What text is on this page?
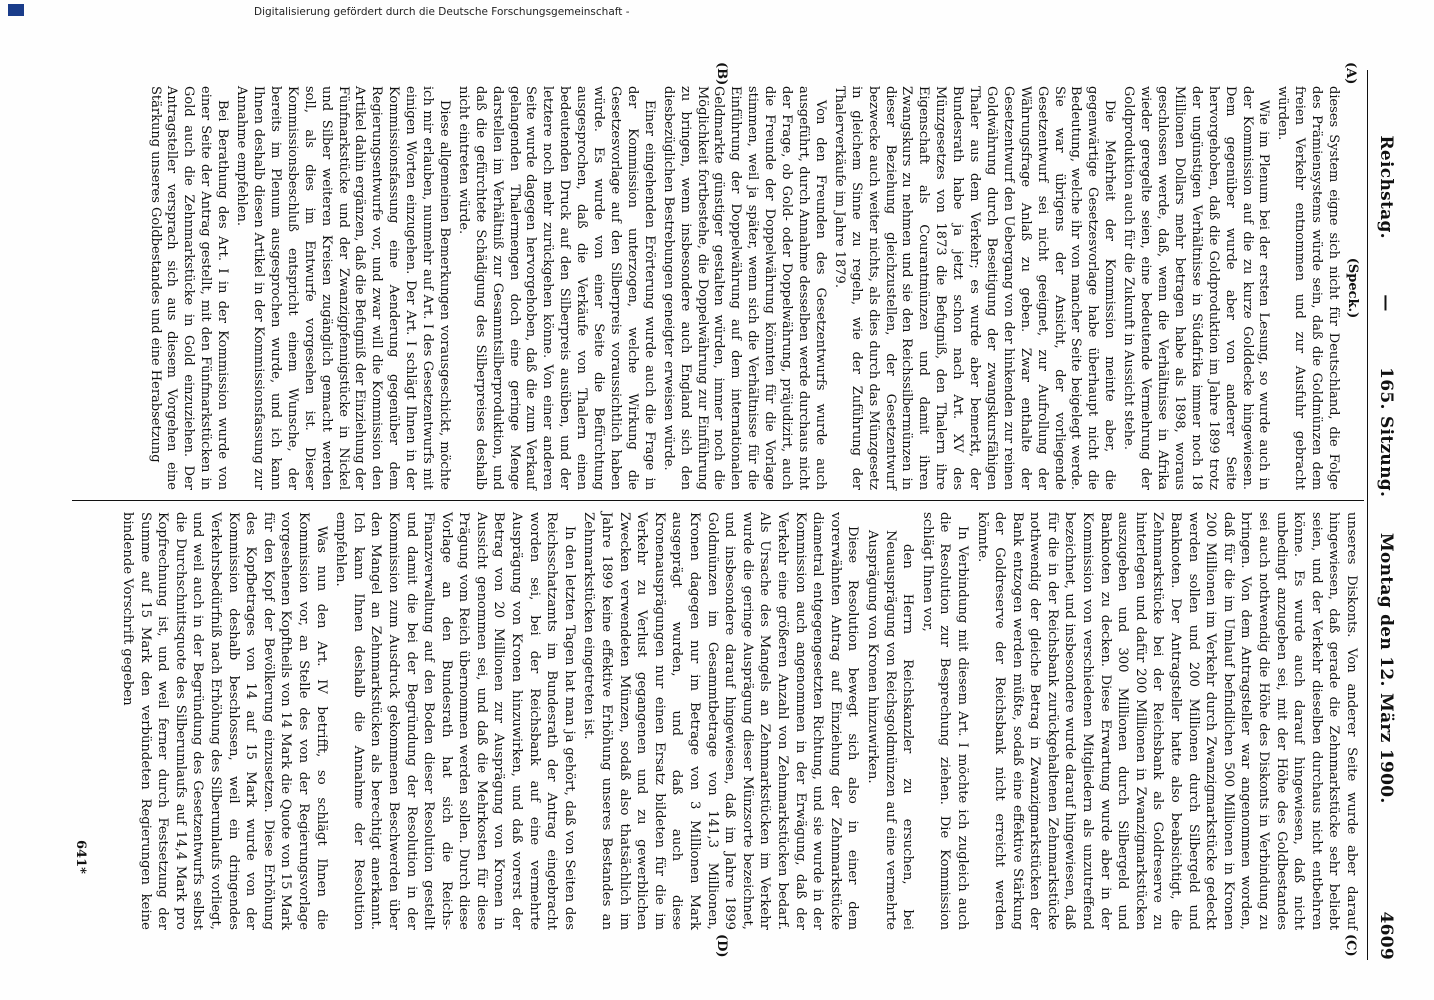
Reichstag.
—
165. Sitzung.
Montag den 12. März 1900.
4609
(A)
(B)
(C)
(D)

(Speck.)

dieses System eigne sich nicht für Deutschland, die Folge des Prämiensystems würde sein, daß die Goldmünzen dem freien Verkehr entnommen und zur Ausfuhr gebracht würden.

Wie im Plenum bei der ersten Lesung, so wurde auch in der Kommission auf die zu kurze Golddecke hingewiesen. Dem gegenüber wurde aber von anderer Seite hervorgehoben, daß die Goldproduktion im Jahre 1899 trotz der ungünstigen Verhältnisse in Südafrika immer noch 18 Millionen Dollars mehr betragen habe als 1898, woraus geschlossen werde, daß, wenn die Verhältnisse in Afrika wieder geregelte seien, eine bedeutende Vermehrung der Goldproduktion auch für die Zukunft in Aussicht stehe.

Die Mehrheit der Kommission meinte aber, die gegenwärtige Gesetzesvorlage habe überhaupt nicht die Bedeutung, welche ihr von mancher Seite beigelegt werde. Sie war übrigens der Ansicht, der vorliegende Gesetzentwurf sei nicht geeignet, zur Aufrollung der Währungsfrage Anlaß zu geben. Zwar enthalte der Gesetzentwurf den Uebergang von der hinkenden zur reinen Goldwährung durch Beseitigung der zwangskursfähigen Thaler aus dem Verkehr; es wurde aber bemerkt, der Bundesrath habe ja jetzt schon nach Art. XV des Münzgesetzes von 1873 die Befugniß, den Thalern ihre Eigenschaft als Courantmünzen und damit ihren Zwangskurs zu nehmen und sie den Reichssilbermünzen in dieser Beziehung gleichzustellen, der Gesetzentwurf bezwecke auch weiter nichts, als dies durch das Münzgesetz in gleichem Sinne zu regeln, wie der Zuführung der Thalerverkäufe im Jahre 1879.

Von den Freunden des Gesetzentwurfs wurde auch ausgeführt, durch Annahme desselben werde durchaus nicht der Frage, ob Gold- oder Doppelwährung, präjudizirt, auch die Freunde der Doppelwährung könnten für die Vorlage stimmen, weil ja später, wenn sich die Verhältnisse für die Einführung der Doppelwährung auf dem internationalen Geldmarkte günstiger gestalten würden, immer noch die Möglichkeit fortbestehe, die Doppelwährung zur Einführung zu bringen, wenn insbesondere auch England sich den diesbezüglichen Bestrebungen geneigter erweisen würde.

Einer eingehenden Erörterung wurde auch die Frage in der Kommission unterzogen, welche Wirkung die Gesetzesvorlage auf den Silberpreis voraussichtlich haben würde. Es wurde von einer Seite die Befürchtung ausgesprochen, daß die Verkäufe von Thalern einen bedeutenden Druck auf den Silberpreis ausüben, und der letztere noch mehr zurückgehen könne. Von einer anderen Seite wurde dagegen hervorgehoben, daß die zum Verkauf gelangenden Thalermengen doch eine geringe Menge darstellen im Verhältniß zur Gesammtsilberproduktion, und daß die gefürchtete Schädigung des Silberpreises deshalb nicht eintreten würde.

Diese allgemeinen Bemerkungen vorausgeschickt, möchte ich mir erlauben, nunmehr auf Art. I des Gesetzentwurfs mit einigen Worten einzugehen. Der Art. I schlägt Ihnen in der Kommissionsfassung eine Aenderung gegenüber dem Regierungsentwurfe vor, und zwar will die Kommission den Artikel dahin ergänzen, daß die Befugniß der Einziehung der Fünfmarkstücke und der Zwanzigpfennigstücke in Nickel und Silber weiteren Kreisen zugänglich gemacht werden soll, als dies im Entwurfe vorgesehen ist. Dieser Kommissionsbeschluß entspricht einem Wunsche, der bereits im Plenum ausgesprochen wurde, und ich kann Ihnen deshalb diesen Artikel in der Kommissionsfassung zur Annahme empfehlen.

Bei Berathung des Art. I in der Kommission wurde von einer Seite der Antrag gestellt, mit den Fünfmarkstücken in Gold auch die Zehnmarkstücke in Gold einzuziehen. Der Antragsteller versprach sich aus diesem Vorgehen eine Stärkung unseres Goldbestandes und eine Herabsetzung

unseres Diskonts. Von anderer Seite wurde aber darauf hingewiesen, daß gerade die Zehnmarkstücke sehr beliebt seien, und der Verkehr dieselben durchaus nicht entbehren könne. Es wurde auch darauf hingewiesen, daß nicht unbedingt anzugeben sei, mit der Höhe des Goldbestandes sei auch nothwendig die Höhe des Diskonts in Verbindung zu bringen. Von dem Antragsteller war angenommen worden, daß für die im Umlauf befindlichen 500 Millionen in Kronen 200 Millionen im Verkehr durch Zwanzigmarkstücke gedeckt werden sollen und 200 Millionen durch Silbergeld und Banknoten. Der Antragsteller hatte also beabsichtigt, die Zehnmarkstücke bei der Reichsbank als Goldreserve zu hinterlegen und dafür 200 Millionen in Zwanzigmarkstücken auszugeben und 300 Millionen durch Silbergeld und Banknoten zu decken. Diese Erwartung wurde aber in der Kommission von verschiedenen Mitgliedern als unzutreffend bezeichnet, und insbesondere wurde darauf hingewiesen, daß für die in der Reichsbank zurückgehaltenen Zehnmarkstücke nothwendig der gleiche Betrag in Zwanzigmarkstücken der Bank entzogen werden müßte, sodaß eine effektive Stärkung der Goldreserve der Reichsbank nicht erreicht werden könnte.

In Verbindung mit diesem Art. I möchte ich zugleich auch die Resolution zur Besprechung ziehen. Die Kommission schlägt Ihnen vor,

den Herrn Reichskanzler zu ersuchen, bei Neuausprägung von Reichsgoldmünzen auf eine vermehrte Ausprägung von Kronen hinzuwirken.

Diese Resolution bewegt sich also in einer dem vorerwähnten Antrag auf Einziehung der Zehnmarkstücke diametral entgegengesetzten Richtung, und sie wurde in der Kommission auch angenommen in der Erwägung, daß der Verkehr eine größeren Anzahl von Zehnmarkstücken bedarf. Als Ursache des Mangels an Zehnmarkstücken im Verkehr wurde die geringe Ausprägung dieser Münzsorte bezeichnet, und insbesondere darauf hingewiesen, daß im Jahre 1899 Goldmünzen im Gesammtbetrage von 141,3 Millionen, Kronen dagegen nur im Betrage von 3 Millionen Mark ausgeprägt wurden, und daß auch diese Kronenausprägungen nur einen Ersatz bildeten für die im Verkehr zu Verlust gegangenen und zu gewerblichen Zwecken verwendeten Münzen, sodaß also thatsächlich im Jahre 1899 keine effektive Erhöhung unseres Bestandes an Zehnmarkstücken eingetreten ist.

In den letzten Tagen hat man ja gehört, daß von Seiten des Reichsschatzamts im Bundesrath der Antrag eingebracht worden sei, bei der Reichsbank auf eine vermehrte Ausprägung von Kronen hinzuwirken, und daß vorerst der Betrag von 20 Millionen zur Ausprägung von Kronen in Aussicht genommen sei, und daß die Mehrkosten für diese Prägung vom Reich übernommen werden sollen. Durch diese Vorlage an den Bundesrath hat sich die Reichs-Finanzverwaltung auf den Boden dieser Resolution gestellt und damit die bei der Begründung der Resolution in der Kommission zum Ausdruck gekommenen Beschwerden über den Mangel an Zehnmarkstücken als berechtigt anerkannt. Ich kann Ihnen deshalb die Annahme der Resolution empfehlen.

Was nun den Art. IV betrifft, so schlägt Ihnen die Kommission vor, an Stelle des von der Regierungsvorlage vorgesehenen Kopftheils von 14 Mark die Quote von 15 Mark für den Kopf der Bevölkerung einzusetzen. Diese Erhöhung des Kopfbetrages von 14 auf 15 Mark wurde von der Kommission deshalb beschlossen, weil ein dringendes Verkehrsbedürfniß nach Erhöhung des Silberumlaufs vorliegt, und weil auch in der Begründung des Gesetzentwurfs selbst die Durchschnittsquote des Silberumlaufs auf 14,4 Mark pro Kopfrechnung ist, und weil ferner durch Festsetzung der Summe auf 15 Mark den verbündeten Regierungen keine bindende Vorschrift gegeben

641*
Digitalisierung gefördert durch die Deutsche Forschungsgemeinschaft -
